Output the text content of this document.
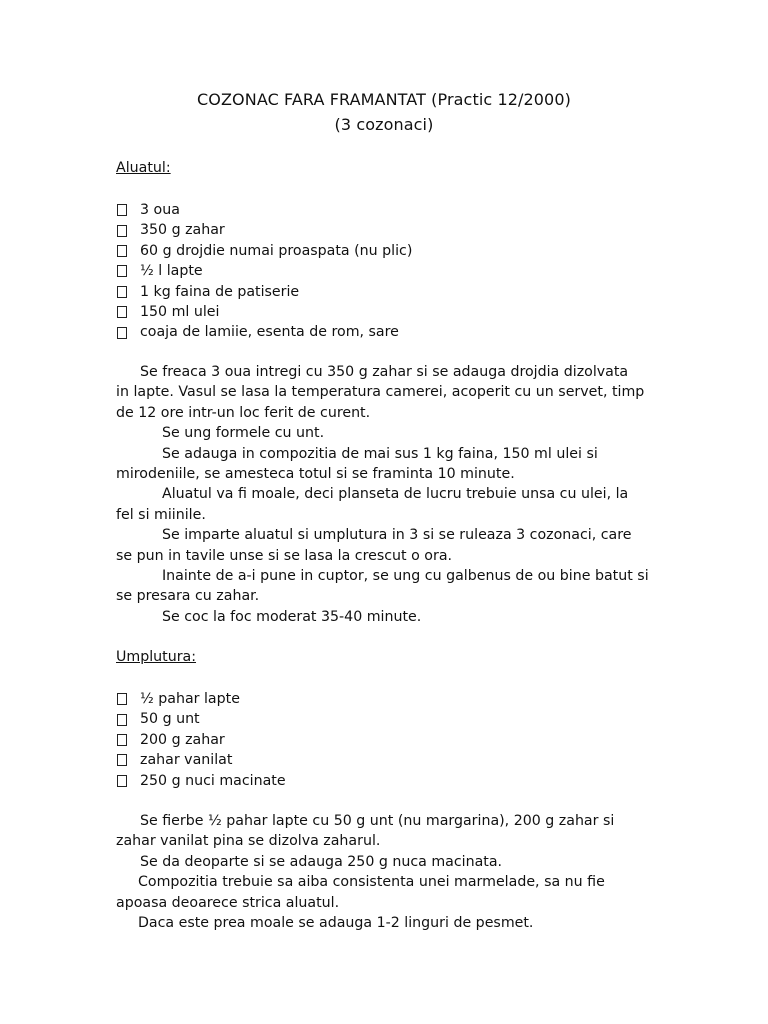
COZONAC FARA FRAMANTAT (Practic 12/2000)
(3 cozonaci)
Aluatul:
3 oua
350 g zahar
60 g drojdie numai proaspata (nu plic)
½ l lapte
1 kg faina de patiserie
150 ml ulei
coaja de lamiie, esenta de rom, sare
Se freaca 3 oua intregi cu 350 g zahar si se adauga drojdia dizolvata
in lapte. Vasul se lasa la temperatura camerei, acoperit cu un servet, timp
de 12 ore intr-un loc ferit de curent.
Se ung formele cu unt.
Se adauga in compozitia de mai sus 1 kg faina, 150 ml ulei si
mirodeniile, se amesteca totul si se framinta 10 minute.
Aluatul va fi moale, deci planseta de lucru trebuie unsa cu ulei, la
fel si miinile.
Se imparte aluatul si umplutura in 3 si se ruleaza 3 cozonaci, care
se pun in tavile unse si se lasa la crescut o ora.
Inainte de a-i pune in cuptor, se ung cu galbenus de ou bine batut si
se presara cu zahar.
Se coc la foc moderat 35-40 minute.
Umplutura:
½ pahar lapte
50 g unt
200 g zahar
zahar vanilat
250 g nuci macinate
Se fierbe ½ pahar lapte cu 50 g unt (nu margarina), 200 g zahar si
zahar vanilat pina se dizolva zaharul.
Se da deoparte si se adauga 250 g nuca macinata.
Compozitia trebuie sa aiba consistenta unei marmelade, sa nu fie
apoasa deoarece strica aluatul.
Daca este prea moale se adauga 1-2 linguri de pesmet.
